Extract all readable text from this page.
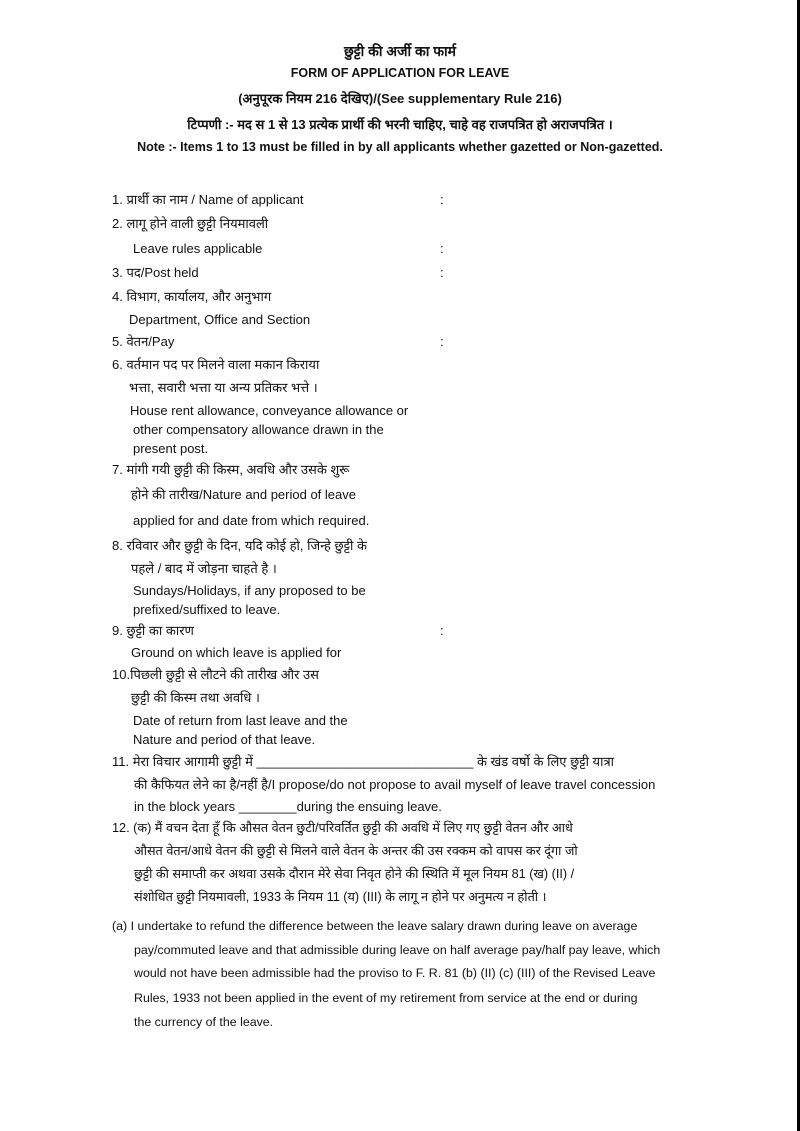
छुट्टी की अर्जी का फार्म
FORM OF APPLICATION FOR LEAVE
(अनुपूरक नियम 216 देखिए)/(See supplementary Rule 216)
टिप्पणी :- मद स 1 से 13 प्रत्येक प्रार्थी की भरनी चाहिए, चाहे वह राजपत्रित हो अराजपत्रित ।
Note :- Items 1 to 13 must be filled in by all applicants whether gazetted or Non-gazetted.
1. प्रार्थी का नाम / Name of applicant	:
2. लागू होने वाली छुट्टी नियमावली
Leave rules applicable	:
3. पद/Post held	:
4. विभाग, कार्यालय, और अनुभाग
Department, Office and Section
5. वेतन/Pay	:
6. वर्तमान पद पर मिलने वाला मकान किराया
भत्ता, सवारी भत्ता या अन्य प्रतिकर भत्ते ।
House rent allowance, conveyance allowance or
other compensatory allowance drawn in the
present post.
7. मांगी गयी छुट्टी की किस्म, अवधि और उसके शुरू
होने की तारीख/Nature and period of leave
applied for and date from which required.
8. रविवार और छुट्टी के दिन, यदि कोई हो, जिन्हे छुट्टी के
पहले / बाद में जोड़ना चाहते है ।
Sundays/Holidays, if any proposed to be
prefixed/suffixed to leave.
9. छुट्टी का कारण	:
Ground on which leave is applied for
10.पिछली छुट्टी से लौटने की तारीख और उस
छुट्टी की किस्म तथा अवधि ।
Date of return from last leave and the
Nature and period of that leave.
11. मेरा विचार आगामी छुट्टी में ______________________________ के खंड वर्षो के लिए छुट्टी यात्रा
की कैफियत लेने का है/नहीं है/I propose/do not propose to avail myself of leave travel concession
in the block years ________during the ensuing leave.
12. (क) मैं वचन देता हूँ कि औसत वेतन छुटी/परिवर्तित छुट्टी की अवधि में लिए गए छुट्टी वेतन और आधे
औसत वेतन/आधे वेतन की छुट्टी से मिलने वाले वेतन के अन्तर की उस रक्कम को वापस कर दूंगा जो
छुट्टी की समाप्ती कर अथवा उसके दौरान मेरे सेवा निवृत होने की स्थिति में मूल नियम 81 (ख) (II) /
संशोधित छुट्टी नियमावली, 1933 के नियम 11 (य) (III) के लागू न होने पर अनुमत्य न होती ।
(a) I undertake to refund the difference between the leave salary drawn during leave on average
pay/commuted leave and that admissible during leave on half average pay/half pay leave, which
would not have been admissible had the proviso to F. R. 81 (b) (II) (c) (III) of the Revised Leave
Rules, 1933 not been applied in the event of my retirement from service at the end or during
the currency of the leave.
